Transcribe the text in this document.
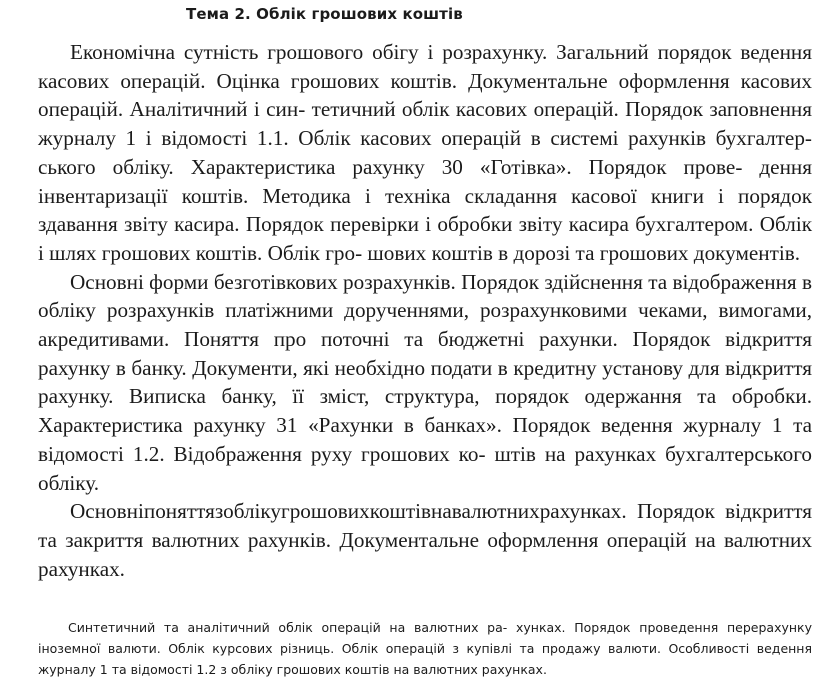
Тема 2. Облік грошових коштів

Економічна сутність грошового обігу і розрахунку. Загальний порядок ведення касових операцій. Оцінка грошових коштів. Документальне оформлення касових операцій. Аналітичний і син- тетичний облік касових операцій. Порядок заповнення журналу 1 і відомості 1.1. Облік касових операцій в системі рахунків бухгалтер- ського обліку. Характеристика рахунку 30 «Готівка». Порядок прове- дення інвентаризації коштів. Методика і техніка складання касової книги і порядок здавання звіту касира. Порядок перевірки і обробки звіту касира бухгалтером. Облік і шлях грошових коштів. Облік гро- шових коштів в дорозі та грошових документів.

Основні форми безготівкових розрахунків. Порядок здійснення та відображення в обліку розрахунків платіжними дорученнями, розрахунковими чеками, вимогами, акредитивами. Поняття про поточні та бюджетні рахунки. Порядок відкриття рахунку в банку. Документи, які необхідно подати в кредитну установу для відкриття рахунку. Виписка банку, її зміст, структура, порядок одержання та обробки. Характеристика рахунку 31 «Рахунки в банках». Порядок ведення журналу 1 та відомості 1.2. Відображення руху грошових ко- штів на рахунках бухгалтерського обліку.

Основніпоняттязоблікугрошовихкоштівнавалютнихрахунках. Порядок відкриття та закриття валютних рахунків. Документальне оформлення операцій на валютних рахунках.

Синтетичний та аналітичний облік операцій на валютних ра- хунках. Порядок проведення перерахунку іноземної валюти. Облік курсових різниць. Облік операцій з купівлі та продажу валюти. Особливості ведення журналу 1 та відомості 1.2 з обліку грошових коштів на валютних рахунках.
